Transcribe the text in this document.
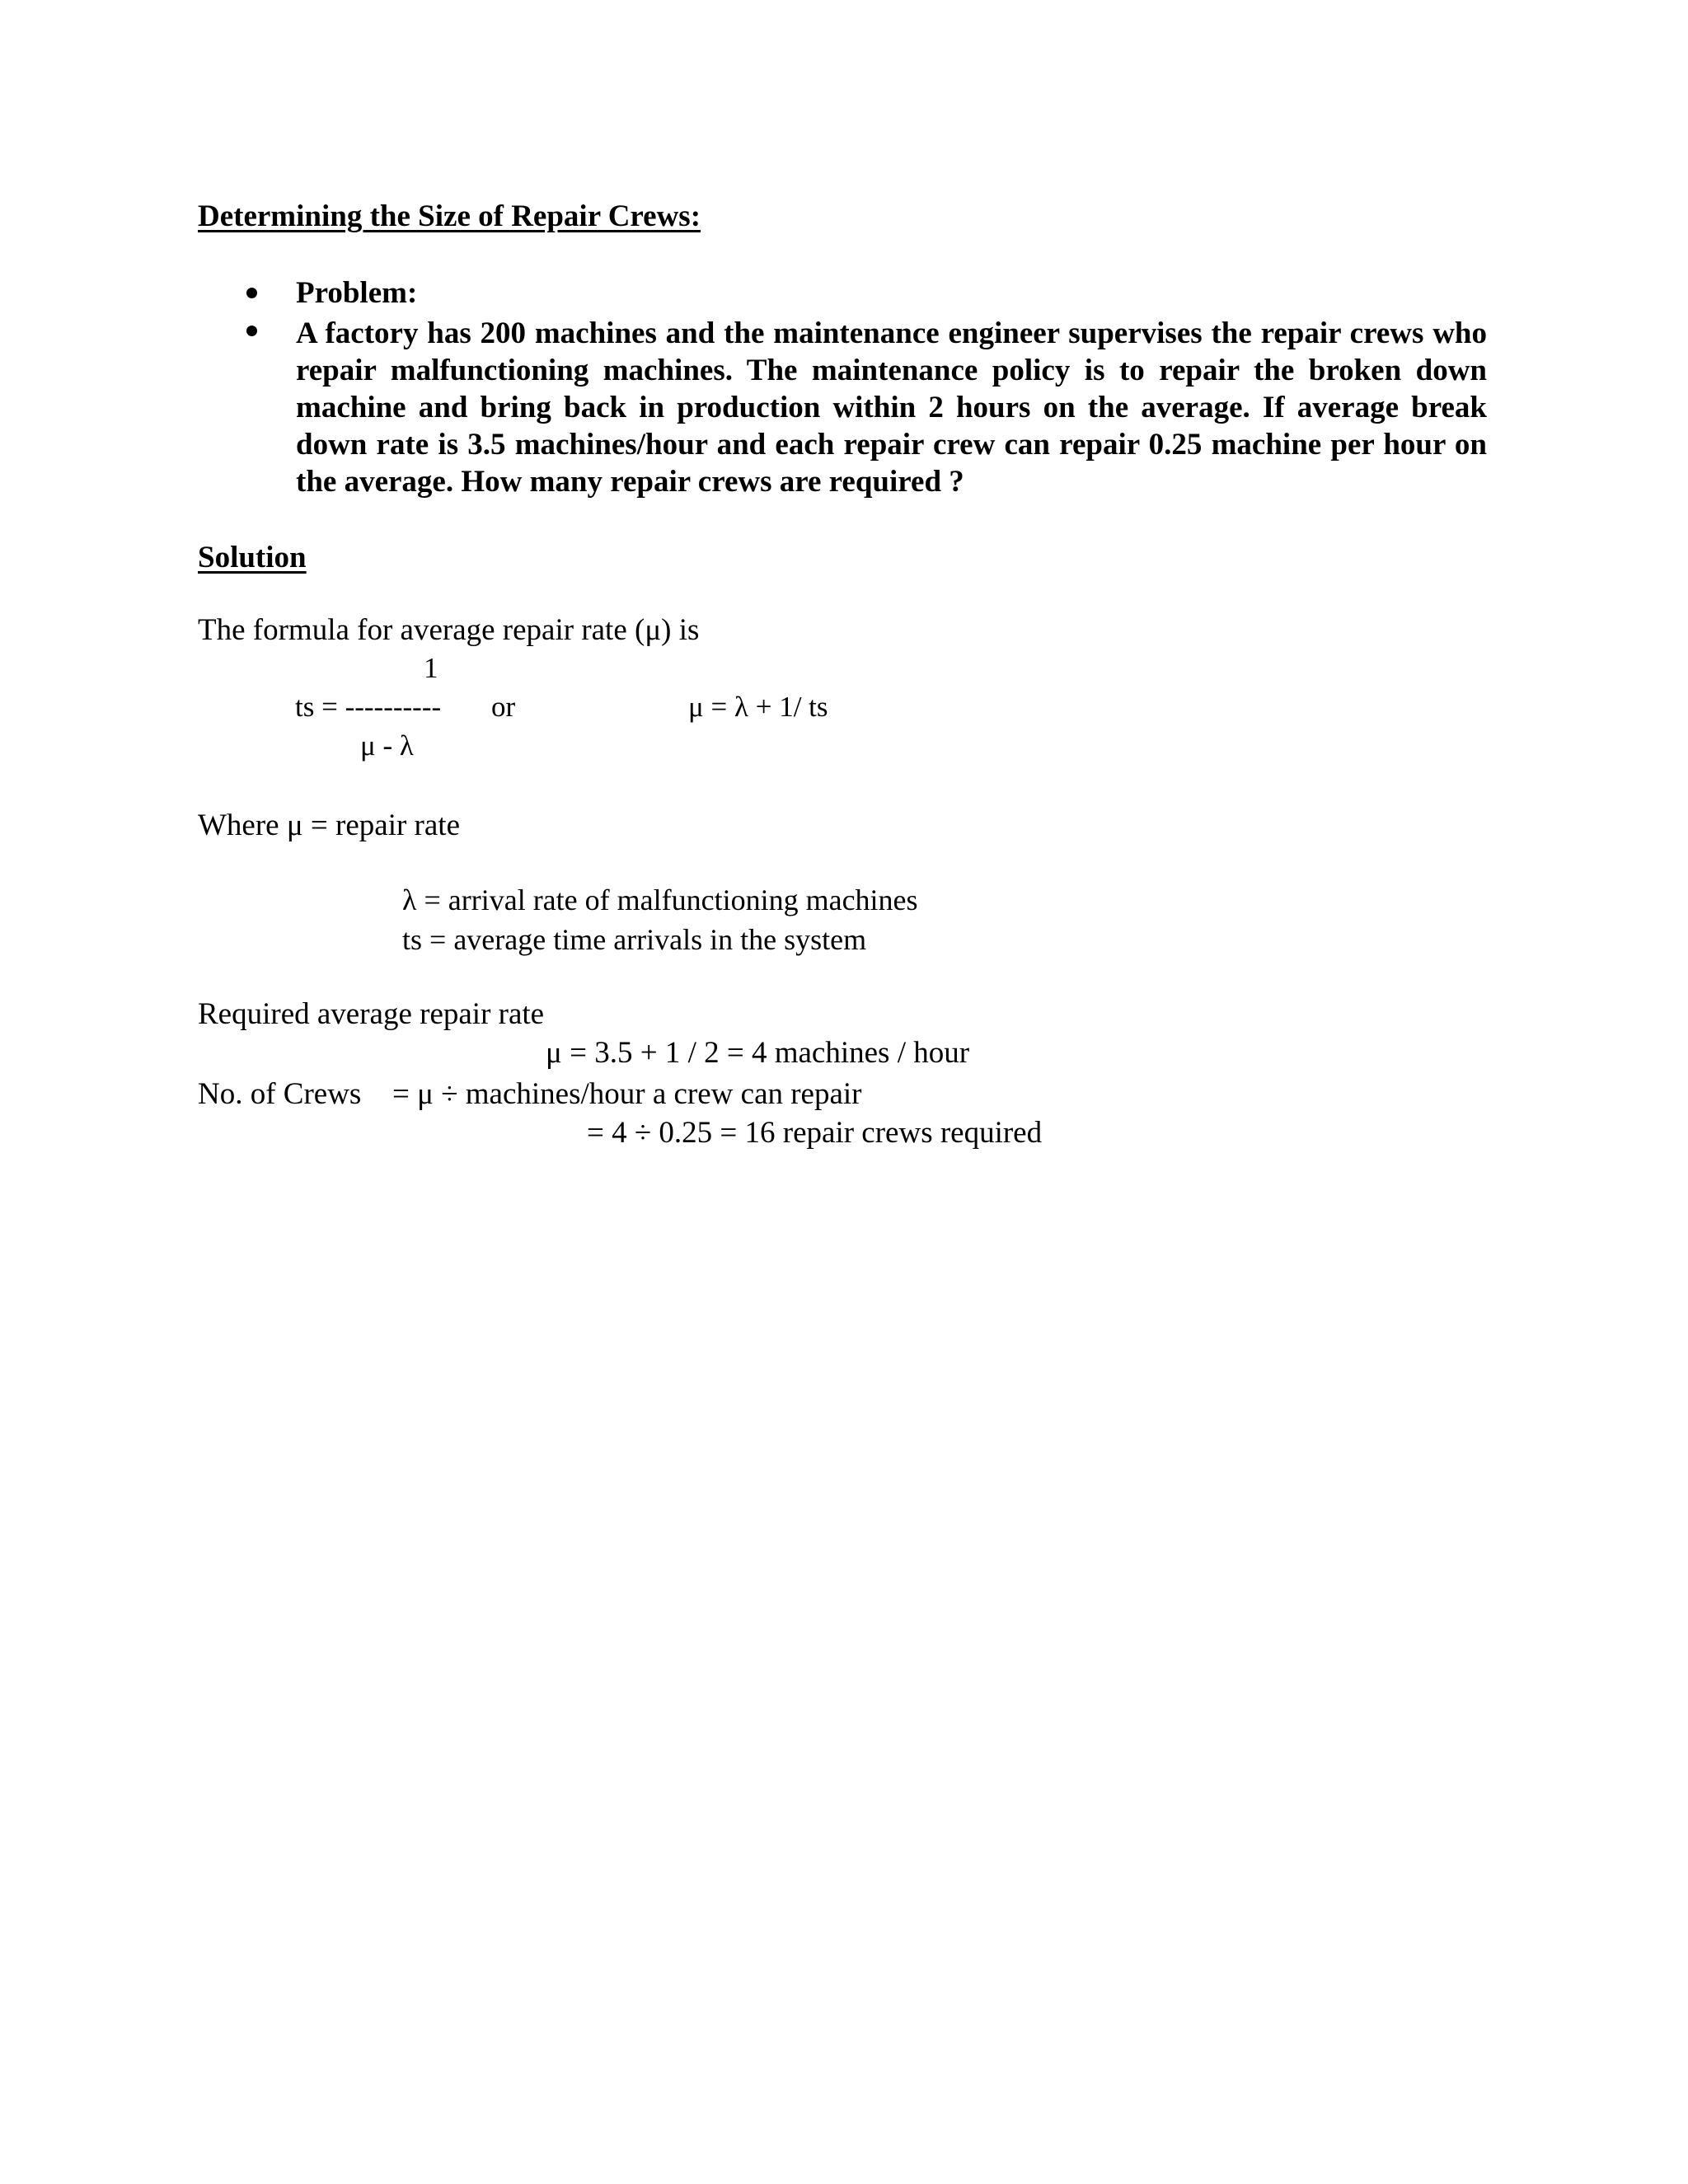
Determining the Size of Repair Crews:
Problem:
A factory has 200 machines and the maintenance engineer supervises the repair crews who repair malfunctioning machines. The maintenance policy is to repair the broken down machine and bring back in production within 2 hours on the average. If average break down rate is 3.5 machines/hour and each repair crew can repair 0.25 machine per hour on the average. How many repair crews are required ?
Solution
The formula for average repair rate (μ) is
1
ts = ---------- or	μ = λ + 1/ ts
μ - λ
Where μ = repair rate
λ = arrival rate of malfunctioning machines
ts = average time arrivals in the system
Required average repair rate
μ = 3.5 + 1 / 2 = 4 machines / hour
No. of Crews = μ ÷ machines/hour a crew can repair
= 4 ÷ 0.25 = 16 repair crews required
